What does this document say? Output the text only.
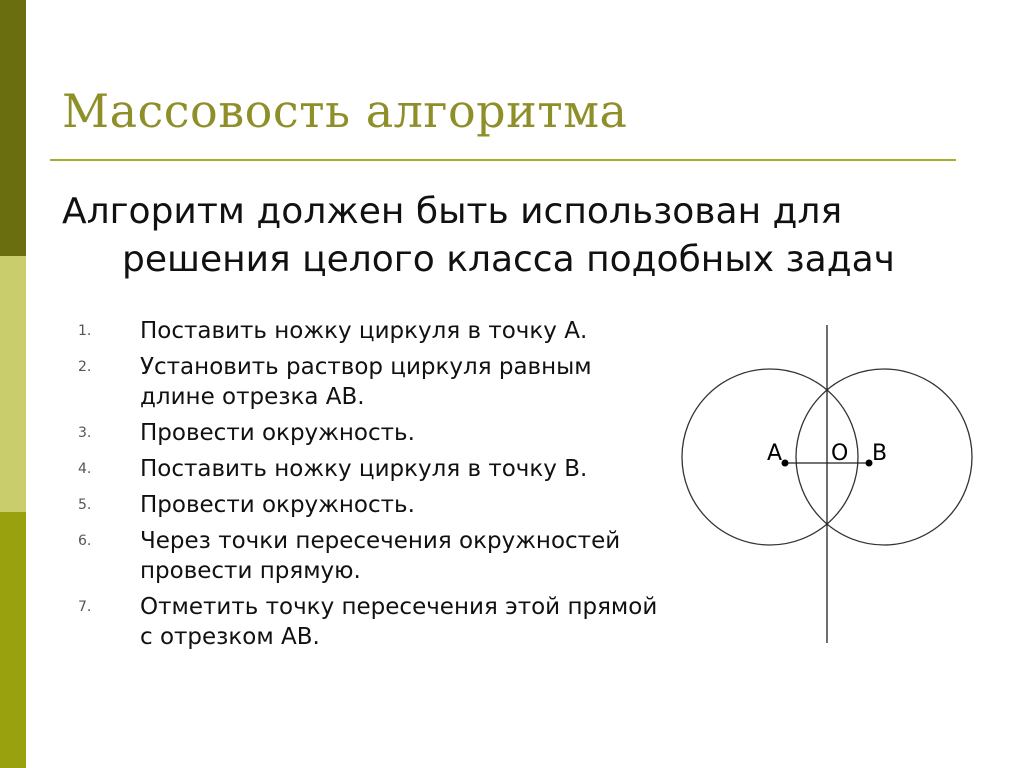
Массовость алгоритма
Алгоритм должен быть использован для
решения целого класса подобных задач
1.	Поставить ножку циркуля в точку А.
2.	Установить раствор циркуля равным длине отрезка АВ.
3.	Провести окружность.
4.	Поставить ножку циркуля в точку В.
5.	Провести окружность.
6.	Через точки пересечения окружностей провести прямую.
7.	Отметить точку пересечения этой прямой с отрезком АВ.
А О В
